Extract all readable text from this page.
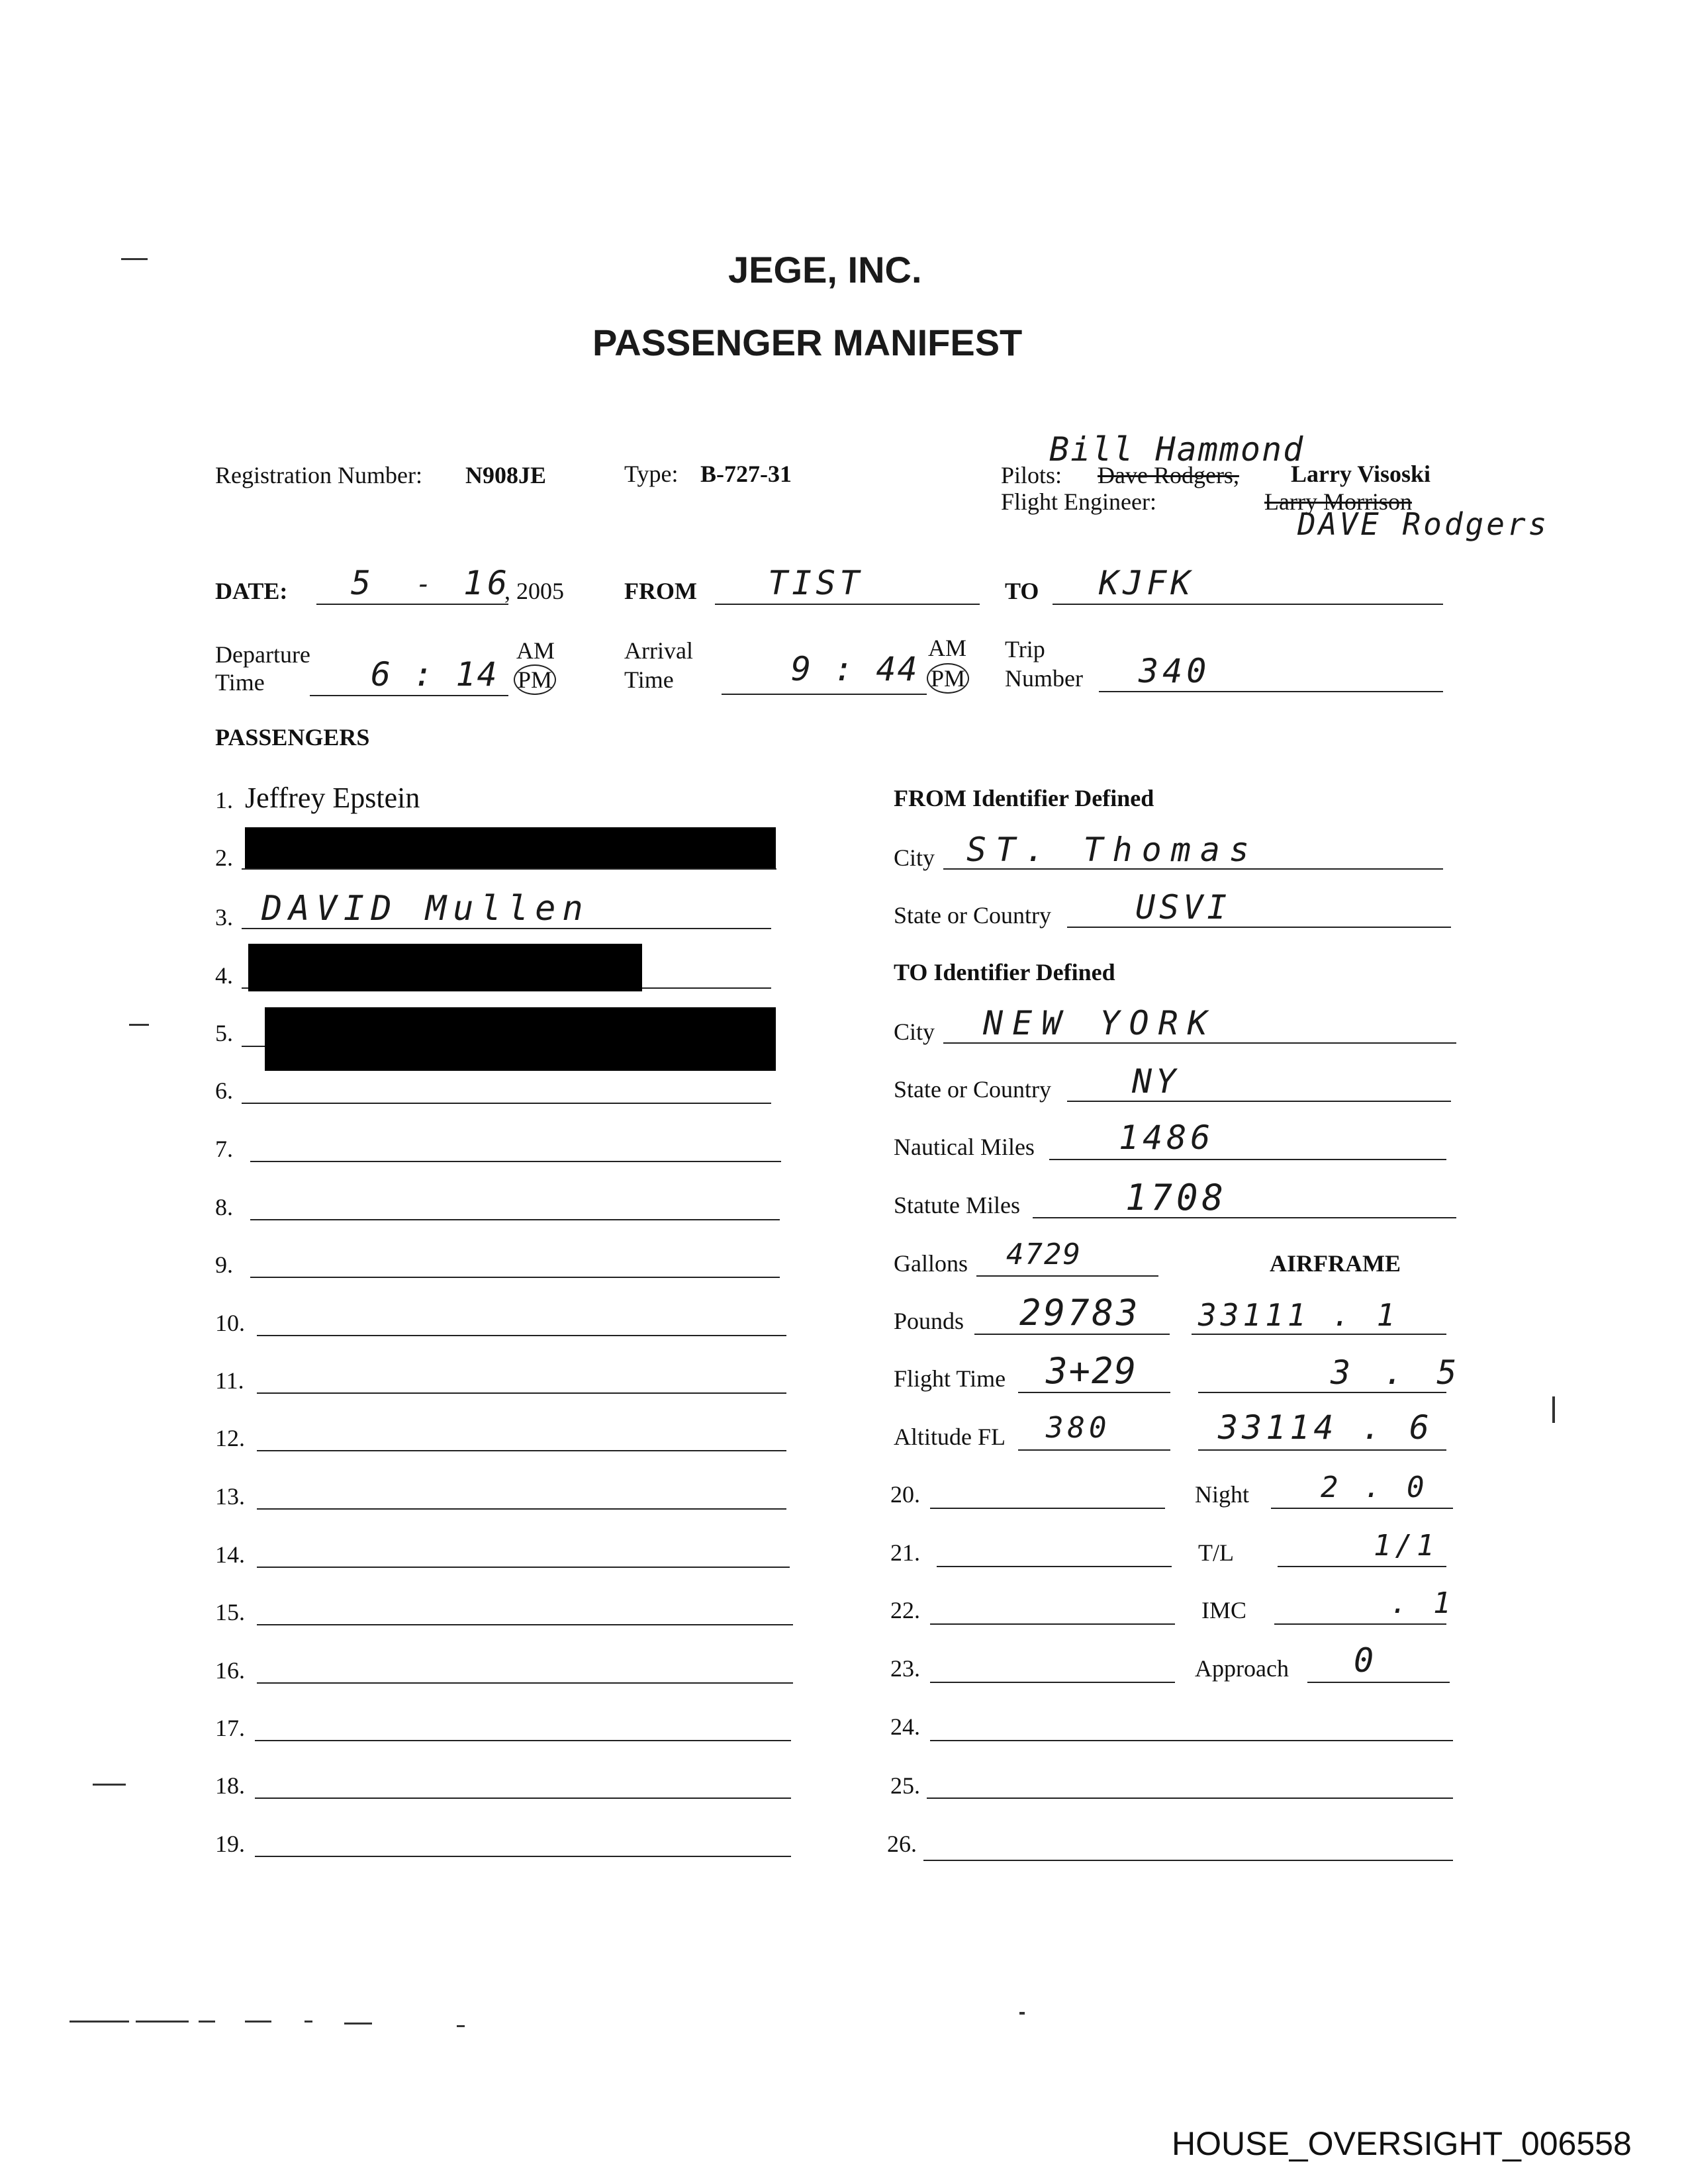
JEGE, INC.
PASSENGER MANIFEST
Registration Number: N908JE	Type: B-727-31
Bill Hammond
Pilots: Dave Rodgers, Larry Visoski
Flight Engineer:	Larry Morrison
DAVE Rodgers
DATE: 5 - 16
, 2005	FROM TIST	TO KJFK
Departure
Time	6 : 14
AM
PM
Arrival
Time	9 : 44
AM
PM
Trip
Number 340
PASSENGERS
1. Jeffrey Epstein
2.
3. DAVID Mullen
4.
5.
6.
7.
8.
9.
10.
11.
12.
13.
14.
15.
16.
17.
18.
19.
FROM Identifier Defined
City ST. Thomas
State or Country	USVI
TO Identifier Defined
City NEW YORK
State or Country NY
Nautical Miles	1486
Statute Miles	1708
Gallons 4729	AIRFRAME
Pounds 29783 33111 . 1
Flight Time 3+29	3 . 5
Altitude FL 380	33114 . 6
20.	Night 2 . 0
21.	T/L	1/1
22.	IMC	. 1
23.	Approach 0
24.
25.
26.
HOUSE_OVERSIGHT_006558
